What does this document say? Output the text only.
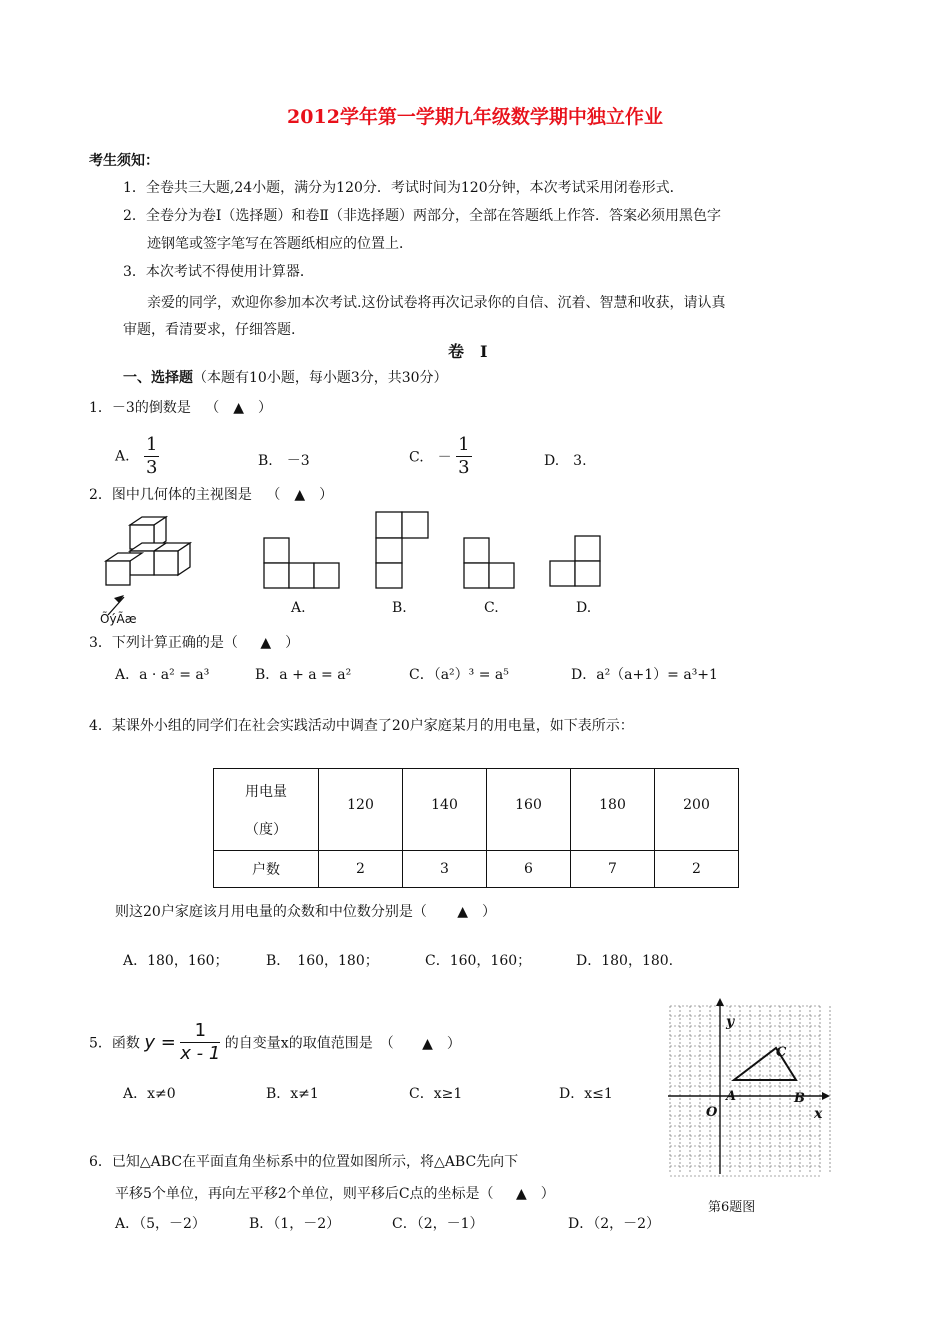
2012学年第一学期九年级数学期中独立作业
考生须知：
1．全卷共三大题,24小题，满分为120分．考试时间为120分钟，本次考试采用闭卷形式．
2．全卷分为卷Ⅰ（选择题）和卷Ⅱ（非选择题）两部分，全部在答题纸上作答．答案必须用黑色字
迹钢笔或签字笔写在答题纸相应的位置上．
3．本次考试不得使用计算器．
亲爱的同学，欢迎你参加本次考试.这份试卷将再次记录你的自信、沉着、智慧和收获，请认真
审题，看清要求，仔细答题.
卷　Ⅰ
一、选择题（本题有10小题，每小题3分，共30分）
1．－3的倒数是 （　▲　）
A. $\frac{1}{3}$	B.　－3	C.　－ $\frac{1}{3}$	D.　3.
2．图中几何体的主视图是 （　▲　）
ÕýÃæ
A.	B.	C.	D.
3．下列计算正确的是（ ▲　）
A．a · a² = a³	B．a + a = a²	C．（a²）³ = a⁵	D．a²（a+1）= a³+1
4．某课外小组的同学们在社会实践活动中调查了20户家庭某月的用电量，如下表所示：
用电量
（度）	120	140	160	180	200
户数	2	3	6	7	2
则这20户家庭该月用电量的众数和中位数分别是（ ▲　）
A．180，160；	B．　160，180；	C．160，160；	D．180，180.
5．函数 $y = \frac{1}{x - 1}$ 的自变量x的取值范围是　（ ▲　）
A．x≠0	B．x≠1	C．x≥1	D．x≤1
6．已知△ABC在平面直角坐标系中的位置如图所示，将△ABC先向下
平移5个单位，再向左平移2个单位，则平移后C点的坐标是（ ▲　）
A．（5，－2）	B．（1，－2）	C．（2，－1）	D．（2，－2）
y
x
O
A	B
C
第6题图
